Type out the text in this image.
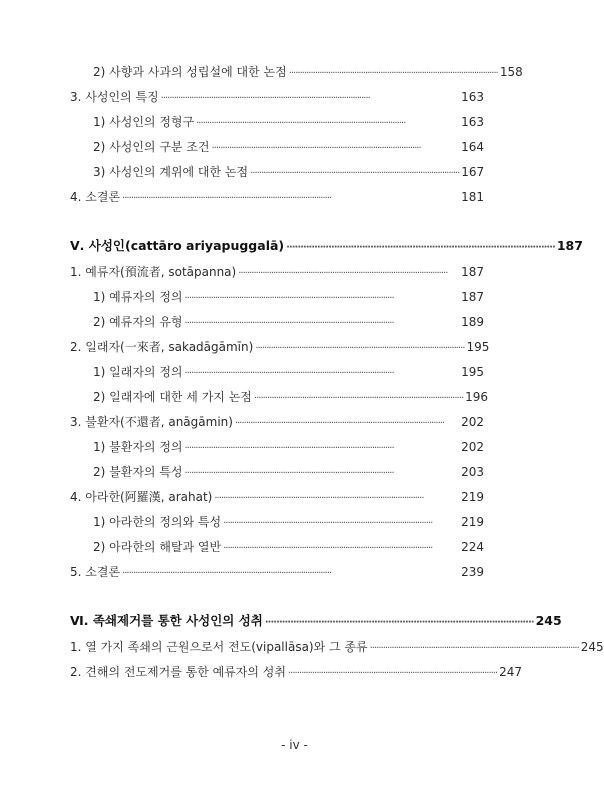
2) 사향과 사과의 성립설에 대한 논점 ································································································ 158
3. 사성인의 특징 ································································································	163
1) 사성인의 정형구 ································································································	163
2) 사성인의 구분 조건 ································································································	164
3) 사성인의 계위에 대한 논점 ································································································ 167
4. 소결론 ································································································	181
Ⅴ. 사성인(cattāro ariyapuggalā) ································································································ 187
1. 예류자(預流者, sotāpanna) ································································································	187
1) 예류자의 정의 ································································································	187
2) 예류자의 유형 ································································································	189
2. 일래자(一來者, sakadāgāmīn) ································································································ 195
1) 일래자의 정의 ································································································	195
2) 일래자에 대한 세 가지 논점 ································································································ 196
3. 불환자(不還者, anāgāmin) ································································································	202
1) 불환자의 정의 ································································································	202
2) 불환자의 특성 ································································································	203
4. 아라한(阿羅漢, arahat) ································································································	219
1) 아라한의 정의와 특성 ································································································	219
2) 아라한의 해탈과 열반 ································································································	224
5. 소결론 ································································································	239
Ⅵ. 족쇄제거를 통한 사성인의 성취 ································································································ 245
1. 열 가지 족쇄의 근원으로서 전도(vipallāsa)와 그 종류 ································································································ 245
2. 견해의 전도제거를 통한 예류자의 성취 ································································································ 247
- iv -
